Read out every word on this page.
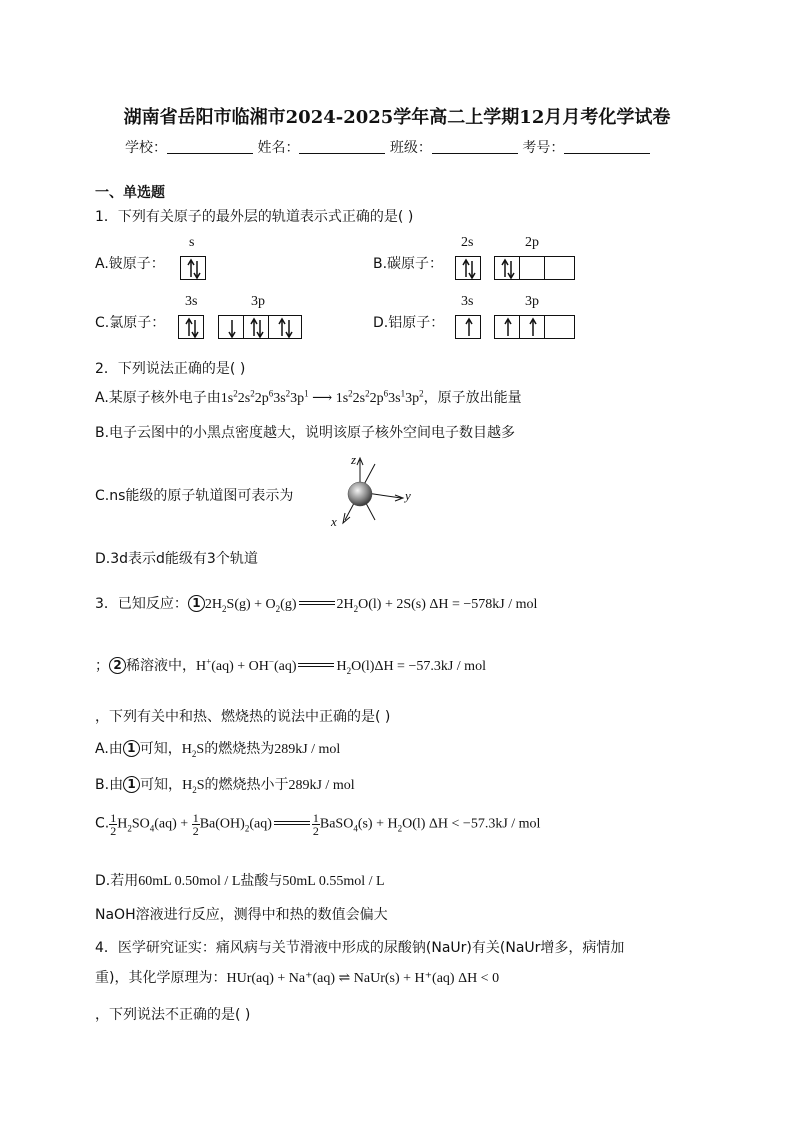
湖南省岳阳市临湘市2024-2025学年高二上学期12月月考化学试卷
学校：	姓名：	班级：	考号：
一、单选题
1．下列有关原子的最外层的轨道表示式正确的是( )
A.铍原子：
s
B.碳原子：
2s	2p
C.氯原子：
3s	3p
D.铝原子：
3s	3p
2．下列说法正确的是( )
A.某原子核外电子由$1s^22s^22p^63s^23p^1$ ⟶ $1s^22s^22p^63s^13p^2$，原子放出能量
B.电子云图中的小黑点密度越大，说明该原子核外空间电子数目越多
C.ns能级的原子轨道图可表示为
z
y
x
D.3d表示d能级有3个轨道
3．已知反应： 1 $2H_2S(g) + O_2(g)$	$2H_2O(l) + 2S(s) \Delta H = -578kJ$ / mol
； 2 稀溶液中，H+(aq) + OH−(aq)	$H_2O(l)\Delta H = -57.3kJ$ / mol
，下列有关中和热、燃烧热的说法中正确的是( )
A.由 1 可知，$H_2S$的燃烧热为289kJ / mol
B.由 1 可知，$H_2S$的燃烧热小于289kJ / mol
C. $\frac{1}{2} H_2SO_4(aq) + \frac{1}{2} Ba(OH)_2(aq)$	$\frac{1}{2}$ BaSO$_4$(s) + $H_2O(l) \Delta H < -57.3kJ$ / mol
D.若用60mL 0.50mol / L盐酸与50mL 0.55mol / L
NaOH溶液进行反应，测得中和热的数值会偏大
4．医学研究证实：痛风病与关节滑液中形成的尿酸钠(NaUr)有关(NaUr增多，病情加
重)，其化学原理为：HUr(aq) + Na⁺(aq) ⇌ NaUr(s) + H⁺(aq) ΔH < 0
，下列说法不正确的是( )
